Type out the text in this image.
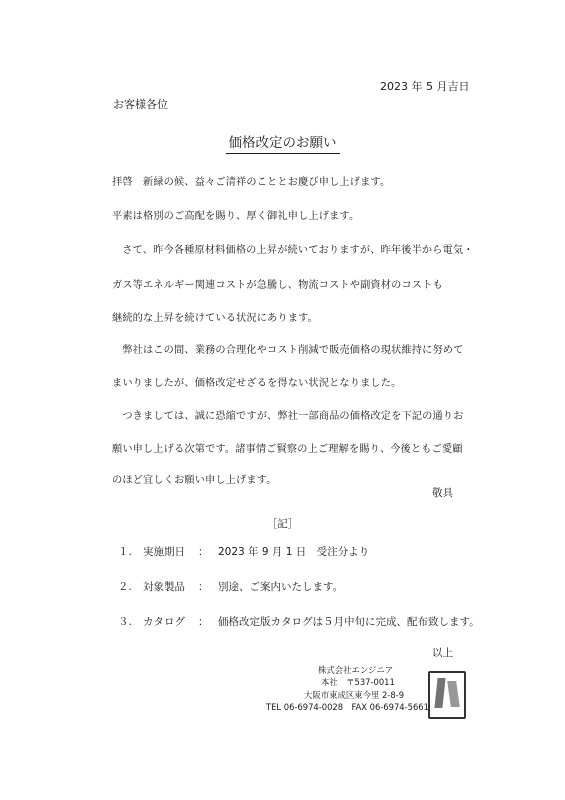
2023 年 5 月吉日
お客様各位
価格改定のお願い
拝啓　新緑の候、益々ご清祥のこととお慶び申し上げます。
平素は格別のご高配を賜り、厚く御礼申し上げます。
　さて、昨今各種原材料価格の上昇が続いておりますが、昨年後半から電気・
ガス等エネルギー関連コストが急騰し、物流コストや副資材のコストも
継続的な上昇を続けている状況にあります。
　弊社はこの間、業務の合理化やコスト削減で販売価格の現状維持に努めて
まいりましたが、価格改定せざるを得ない状況となりました。
　つきましては、誠に恐縮ですが、弊社一部商品の価格改定を下記の通りお
願い申し上げる次第です。諸事情ご賢察の上ご理解を賜り、今後ともご愛顧
のほど宜しくお願い申し上げます。
敬具
［記］
１. 実施期日 ： 2023 年 9 月 1 日　受注分より
２. 対象製品 ： 別途、ご案内いたします。
３. カタログ ： 価格改定版カタログは５月中旬に完成、配布致します。
以上
株式会社エンジニア
本社　〒537-0011
大阪市東成区東今里 2-8-9
TEL 06-6974-0028　FAX 06-6974-5661
